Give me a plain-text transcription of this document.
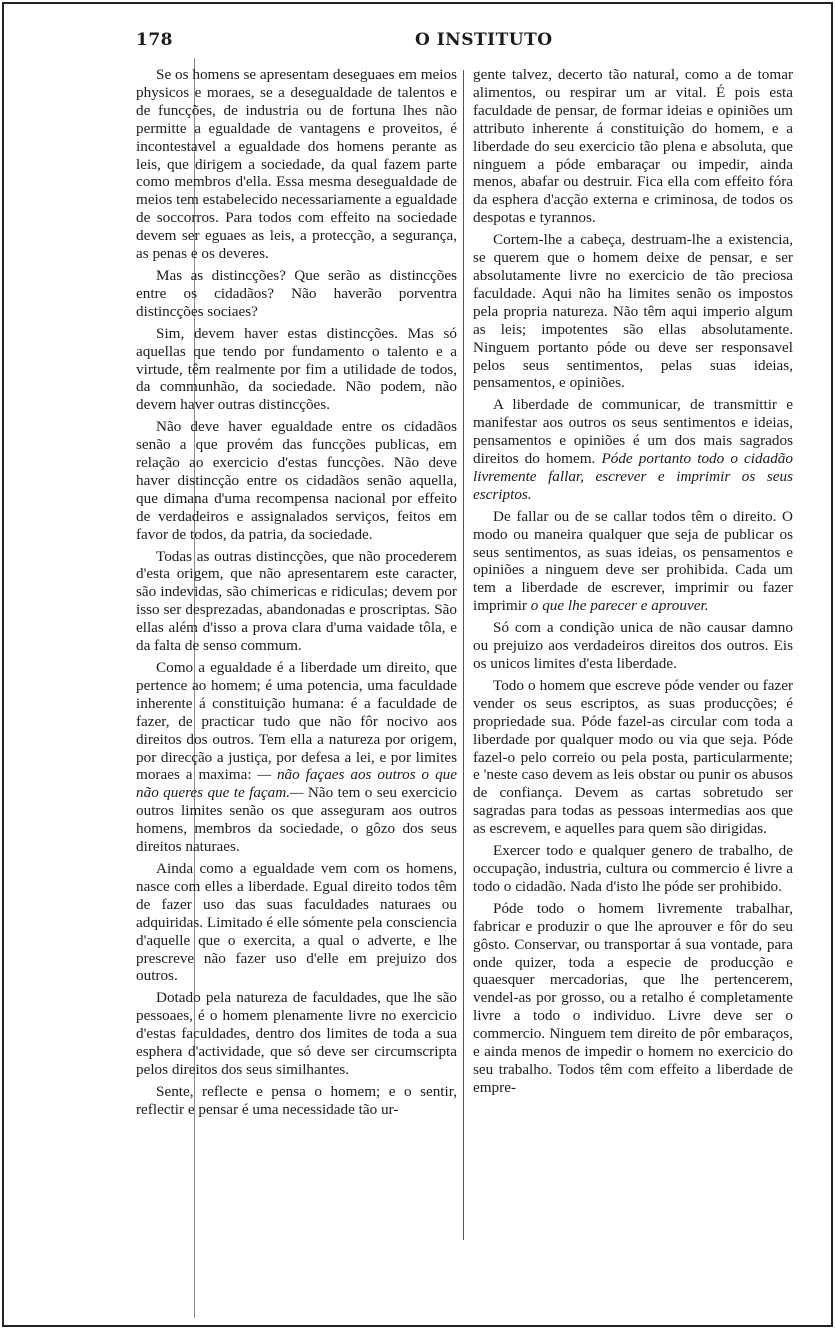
178	O INSTITUTO

Se os homens se apresentam deseguaes em meios physicos e moraes, se a desegualdade de talentos e de funcções, de industria ou de fortuna lhes não permitte a egualdade de vantagens e proveitos, é incontestavel a egualdade dos homens perante as leis, que dirigem a sociedade, da qual fazem parte como membros d'ella. Essa mesma desegualdade de meios tem estabelecido necessariamente a egualdade de soccorros. Para todos com effeito na sociedade devem ser eguaes as leis, a protecção, a segurança, as penas e os deveres.

Mas as distincções? Que serão as distincções entre os cidadãos? Não haverão porventra distincções sociaes?

Sim, devem haver estas distincções. Mas só aquellas que tendo por fundamento o talento e a virtude, têm realmente por fim a utilidade de todos, da communhão, da sociedade. Não podem, não devem haver outras distincções.

Não deve haver egualdade entre os cidadãos senão a que provém das funcções publicas, em relação ao exercicio d'estas funcções. Não deve haver distincção entre os cidadãos senão aquella, que dimana d'uma recompensa nacional por effeito de verdadeiros e assignalados serviços, feitos em favor de todos, da patria, da sociedade.

Todas as outras distincções, que não procederem d'esta origem, que não apresentarem este caracter, são indevidas, são chimericas e ridiculas; devem por isso ser desprezadas, abandonadas e proscriptas. São ellas além d'isso a prova clara d'uma vaidade tôla, e da falta de senso commum.

Como a egualdade é a liberdade um direito, que pertence ao homem; é uma potencia, uma faculdade inherente á constituição humana: é a faculdade de fazer, de practicar tudo que não fôr nocivo aos direitos dos outros. Tem ella a natureza por origem, por direcção a justiça, por defesa a lei, e por limites moraes a maxima: — não façaes aos outros o que não queres que te façam.— Não tem o seu exercicio outros limites senão os que asseguram aos outros homens, membros da sociedade, o gôzo dos seus direitos naturaes.

Ainda como a egualdade vem com os homens, nasce com elles a liberdade. Egual direito todos têm de fazer uso das suas faculdades naturaes ou adquiridas. Limitado é elle sómente pela consciencia d'aquelle que o exercita, a qual o adverte, e lhe prescreve não fazer uso d'elle em prejuizo dos outros.

Dotado pela natureza de faculdades, que lhe são pessoaes, é o homem plenamente livre no exercicio d'estas faculdades, dentro dos limites de toda a sua esphera d'actividade, que só deve ser circumscripta pelos direitos dos seus similhantes.

Sente, reflecte e pensa o homem; e o sentir, reflectir e pensar é uma necessidade tão ur-

gente talvez, decerto tão natural, como a de tomar alimentos, ou respirar um ar vital. É pois esta faculdade de pensar, de formar ideias e opiniões um attributo inherente á constituição do homem, e a liberdade do seu exercicio tão plena e absoluta, que ninguem a póde embaraçar ou impedir, ainda menos, abafar ou destruir. Fica ella com effeito fóra da esphera d'acção externa e criminosa, de todos os despotas e tyrannos.

Cortem-lhe a cabeça, destruam-lhe a existencia, se querem que o homem deixe de pensar, e ser absolutamente livre no exercicio de tão preciosa faculdade. Aqui não ha limites senão os impostos pela propria natureza. Não têm aqui imperio algum as leis; impotentes são ellas absolutamente. Ninguem portanto póde ou deve ser responsavel pelos seus sentimentos, pelas suas ideias, pensamentos, e opiniões.

A liberdade de communicar, de transmittir e manifestar aos outros os seus sentimentos e ideias, pensamentos e opiniões é um dos mais sagrados direitos do homem. Póde portanto todo o cidadão livremente fallar, escrever e imprimir os seus escriptos.

De fallar ou de se callar todos têm o direito. O modo ou maneira qualquer que seja de publicar os seus sentimentos, as suas ideias, os pensamentos e opiniões a ninguem deve ser prohibida. Cada um tem a liberdade de escrever, imprimir ou fazer imprimir o que lhe parecer e aprouver.

Só com a condição unica de não causar damno ou prejuizo aos verdadeiros direitos dos outros. Eis os unicos limites d'esta liberdade.

Todo o homem que escreve póde vender ou fazer vender os seus escriptos, as suas producções; é propriedade sua. Póde fazel-as circular com toda a liberdade por qualquer modo ou via que seja. Póde fazel-o pelo correio ou pela posta, particularmente; e 'neste caso devem as leis obstar ou punir os abusos de confiança. Devem as cartas sobretudo ser sagradas para todas as pessoas intermedias aos que as escrevem, e aquelles para quem são dirigidas.

Exercer todo e qualquer genero de trabalho, de occupação, industria, cultura ou commercio é livre a todo o cidadão. Nada d'isto lhe póde ser prohibido.

Póde todo o homem livremente trabalhar, fabricar e produzir o que lhe aprouver e fôr do seu gôsto. Conservar, ou transportar á sua vontade, para onde quizer, toda a especie de producção e quaesquer mercadorias, que lhe pertencerem, vendel-as por grosso, ou a retalho é completamente livre a todo o individuo. Livre deve ser o commercio. Ninguem tem direito de pôr embaraços, e ainda menos de impedir o homem no exercicio do seu trabalho. Todos têm com effeito a liberdade de empre-
